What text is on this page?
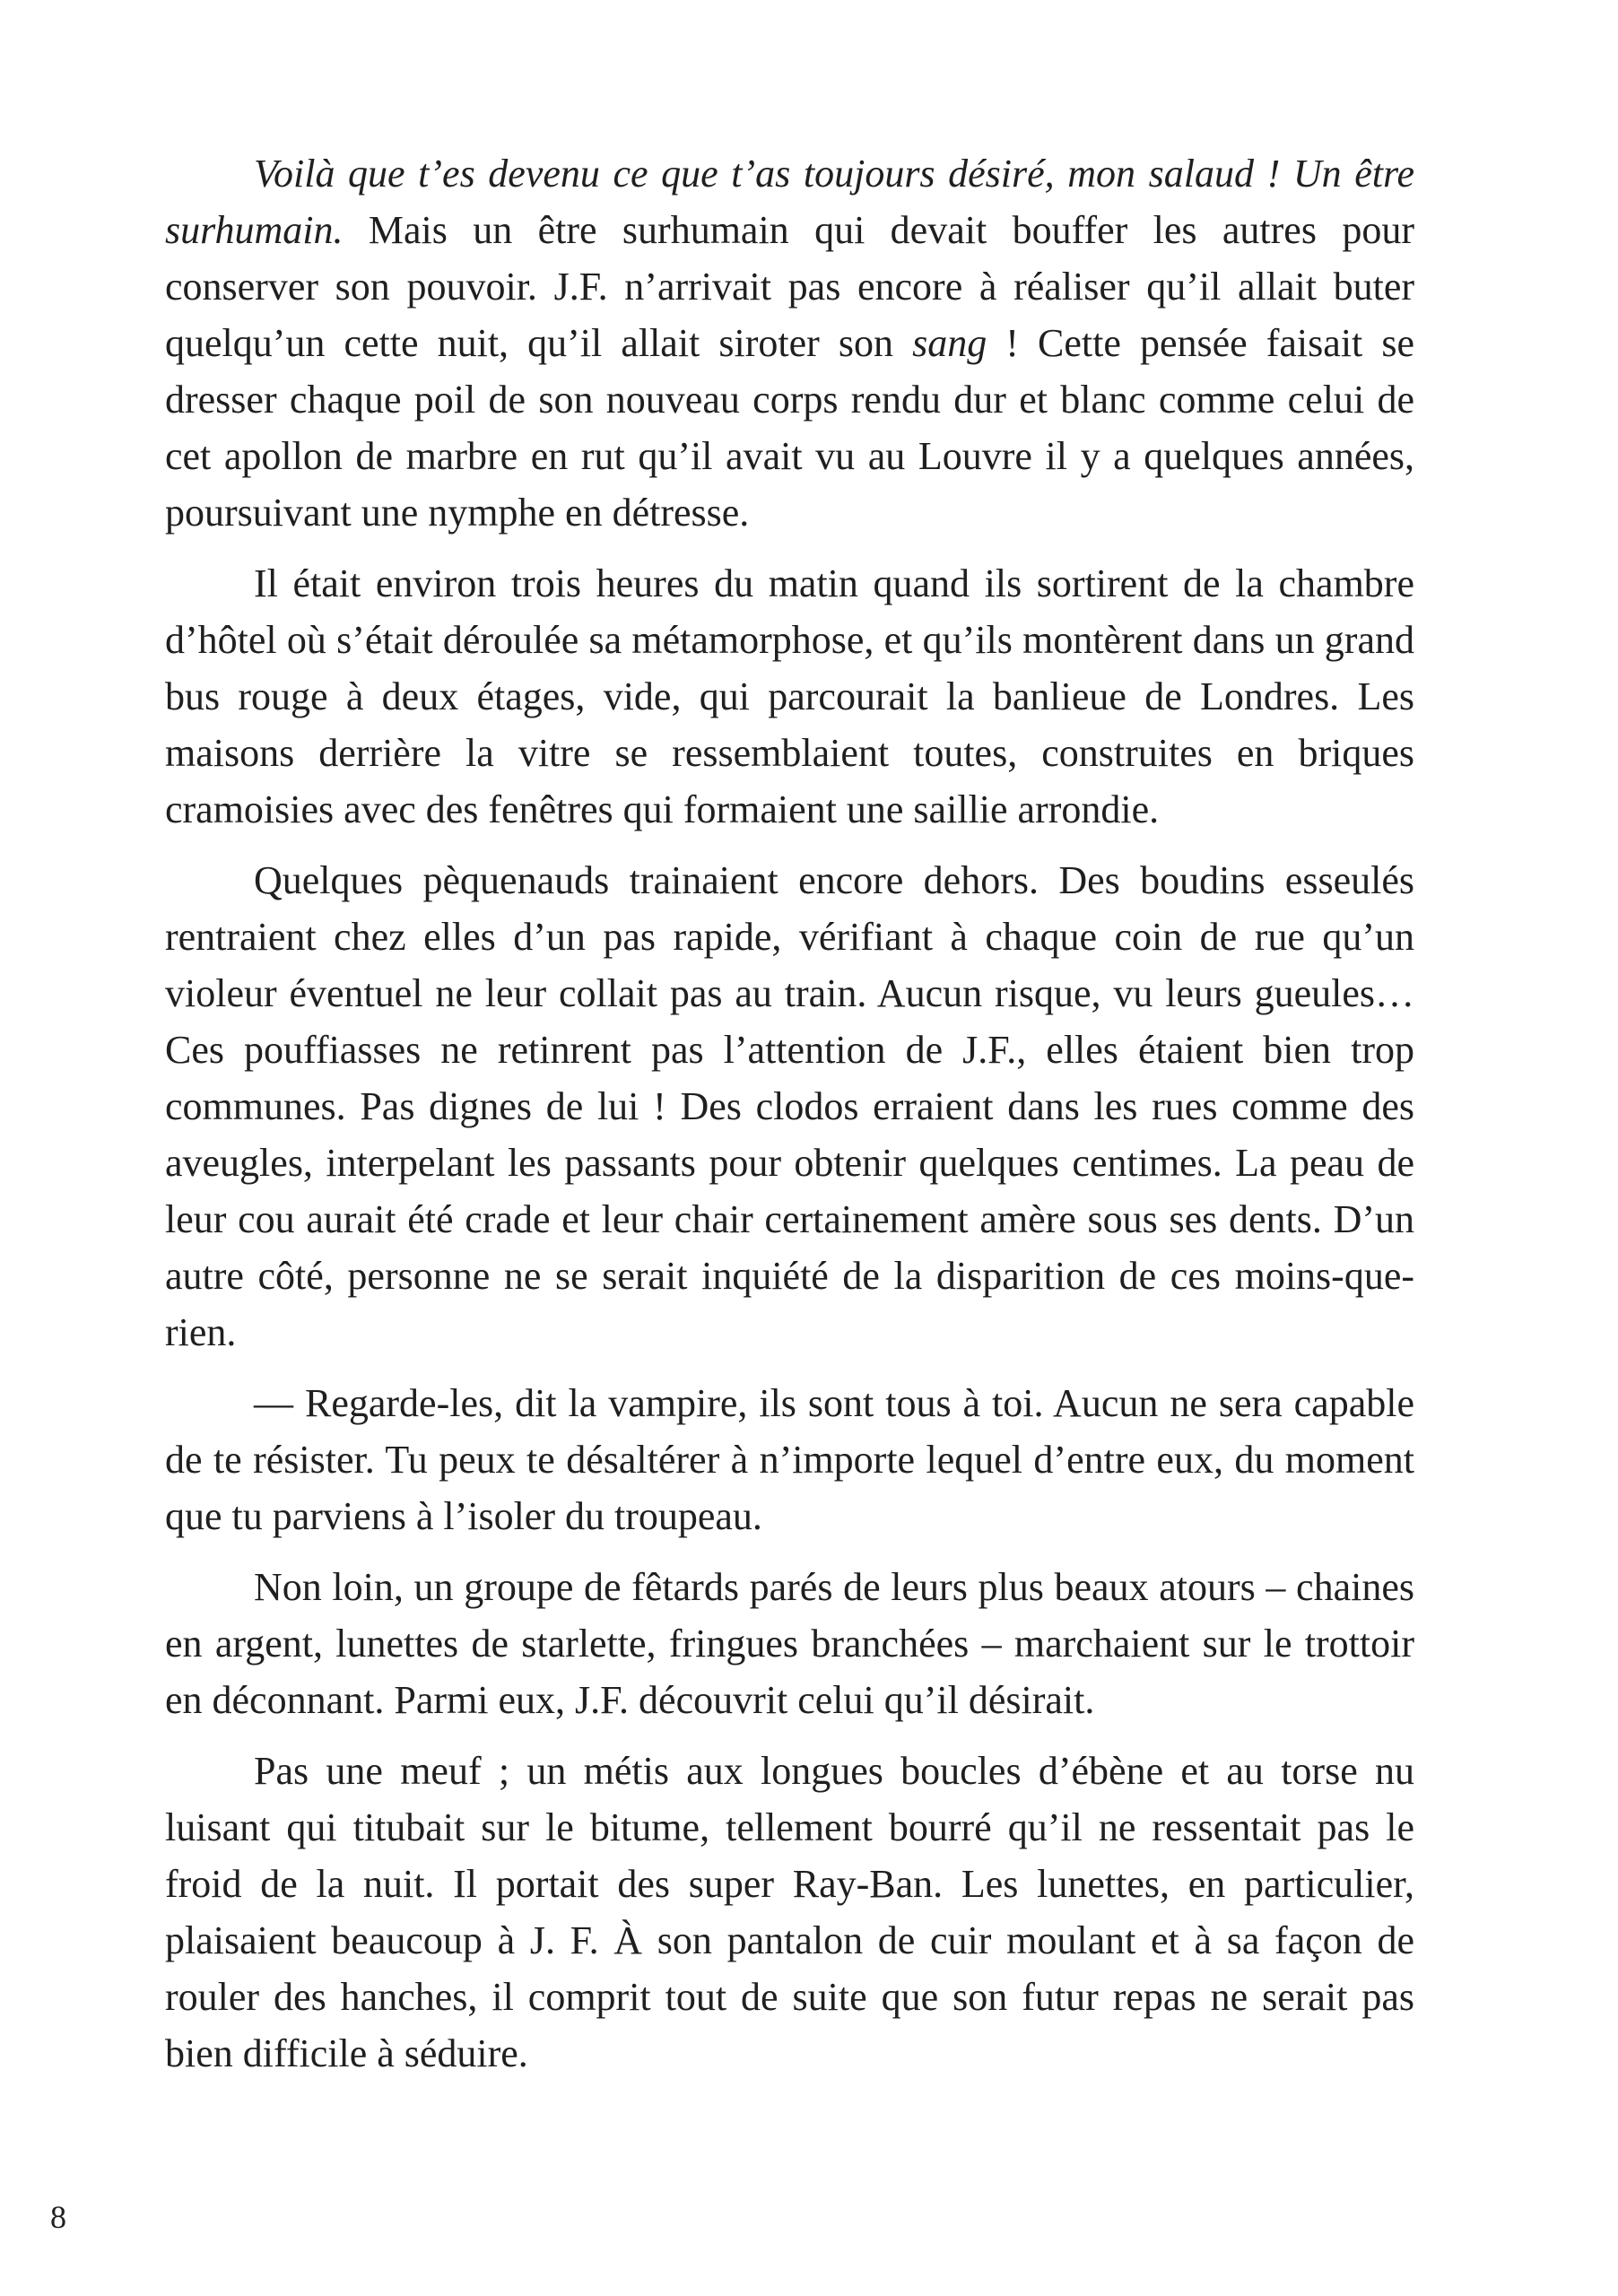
Voilà que t’es devenu ce que t’as toujours désiré, mon salaud ! Un être surhumain. Mais un être surhumain qui devait bouffer les autres pour conserver son pouvoir. J.F. n’arrivait pas encore à réaliser qu’il allait buter quelqu’un cette nuit, qu’il allait siroter son sang ! Cette pensée faisait se dresser chaque poil de son nouveau corps rendu dur et blanc comme celui de cet apollon de marbre en rut qu’il avait vu au Louvre il y a quelques années, poursuivant une nymphe en détresse.

Il était environ trois heures du matin quand ils sortirent de la chambre d’hôtel où s’était déroulée sa métamorphose, et qu’ils montèrent dans un grand bus rouge à deux étages, vide, qui parcourait la banlieue de Londres. Les maisons derrière la vitre se ressemblaient toutes, construites en briques cramoisies avec des fenêtres qui formaient une saillie arrondie.

Quelques pèquenauds trainaient encore dehors. Des boudins esseulés rentraient chez elles d’un pas rapide, vérifiant à chaque coin de rue qu’un violeur éventuel ne leur collait pas au train. Aucun risque, vu leurs gueules… Ces pouffiasses ne retinrent pas l’attention de J.F., elles étaient bien trop communes. Pas dignes de lui ! Des clodos erraient dans les rues comme des aveugles, interpelant les passants pour obtenir quelques centimes. La peau de leur cou aurait été crade et leur chair certainement amère sous ses dents. D’un autre côté, personne ne se serait inquiété de la disparition de ces moins-que-rien.

— Regarde-les, dit la vampire, ils sont tous à toi. Aucun ne sera capable de te résister. Tu peux te désaltérer à n’importe lequel d’entre eux, du moment que tu parviens à l’isoler du troupeau.

Non loin, un groupe de fêtards parés de leurs plus beaux atours – chaines en argent, lunettes de starlette, fringues branchées – marchaient sur le trottoir en déconnant. Parmi eux, J.F. découvrit celui qu’il désirait.

Pas une meuf ; un métis aux longues boucles d’ébène et au torse nu luisant qui titubait sur le bitume, tellement bourré qu’il ne ressentait pas le froid de la nuit. Il portait des super Ray-Ban. Les lunettes, en particulier, plaisaient beaucoup à J. F. À son pantalon de cuir moulant et à sa façon de rouler des hanches, il comprit tout de suite que son futur repas ne serait pas bien difficile à séduire.

8
